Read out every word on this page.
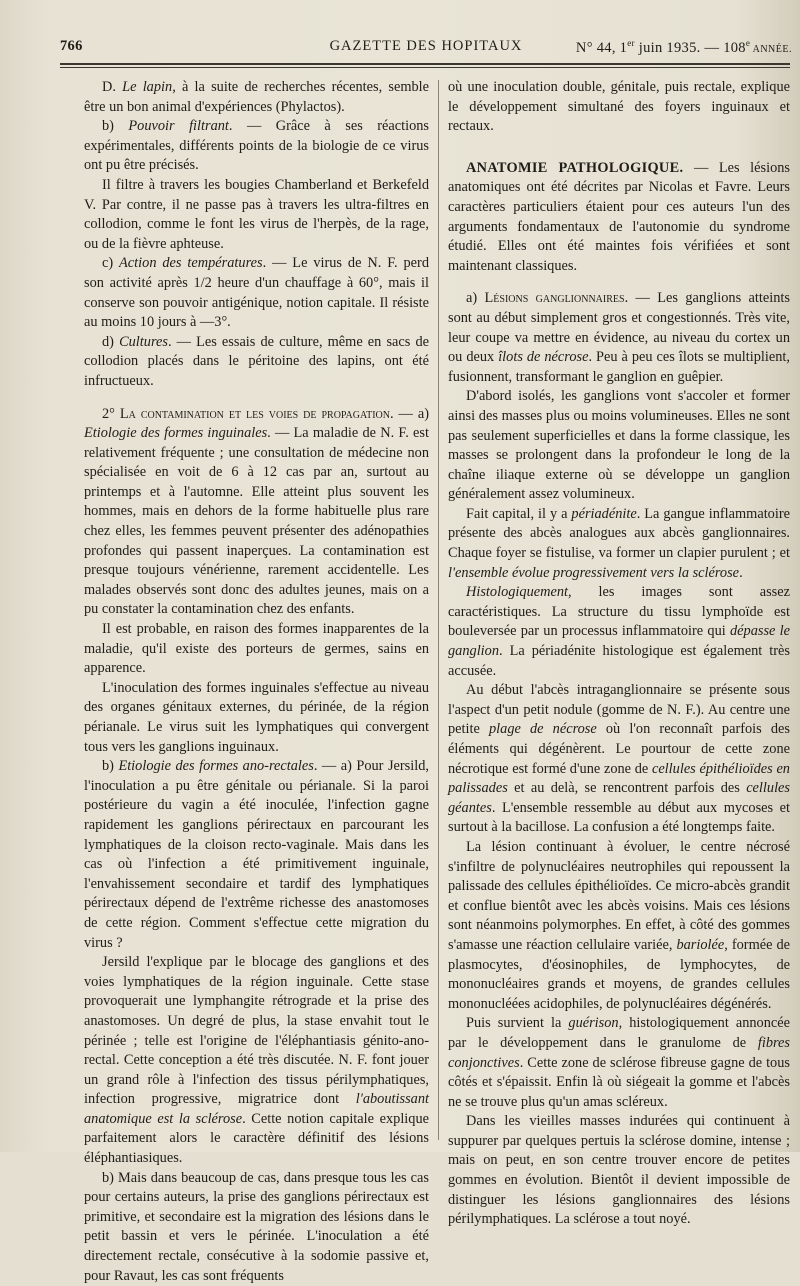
766	GAZETTE DES HOPITAUX	N° 44, 1er juin 1935. — 108e ANNÉE.

D. Le lapin, à la suite de recherches récentes, semble être un bon animal d'expériences (Phylactos).

b) Pouvoir filtrant. — Grâce à ses réactions expérimentales, différents points de la biologie de ce virus ont pu être précisés.

Il filtre à travers les bougies Chamberland et Berkefeld V. Par contre, il ne passe pas à travers les ultra-filtres en collodion, comme le font les virus de l'herpès, de la rage, ou de la fièvre aphteuse.

c) Action des températures. — Le virus de N. F. perd son activité après 1/2 heure d'un chauffage à 60°, mais il conserve son pouvoir antigénique, notion capitale. Il résiste au moins 10 jours à —3°.

d) Cultures. — Les essais de culture, même en sacs de collodion placés dans le péritoine des lapins, ont été infructueux.

2° La contamination et les voies de propagation. — a) Etiologie des formes inguinales. — La maladie de N. F. est relativement fréquente ; une consultation de médecine non spécialisée en voit de 6 à 12 cas par an, surtout au printemps et à l'automne. Elle atteint plus souvent les hommes, mais en dehors de la forme habituelle plus rare chez elles, les femmes peuvent présenter des adénopathies profondes qui passent inaperçues. La contamination est presque toujours vénérienne, rarement accidentelle. Les malades observés sont donc des adultes jeunes, mais on a pu constater la contamination chez des enfants.

Il est probable, en raison des formes inapparentes de la maladie, qu'il existe des porteurs de germes, sains en apparence.

L'inoculation des formes inguinales s'effectue au niveau des organes génitaux externes, du périnée, de la région périanale. Le virus suit les lymphatiques qui convergent tous vers les ganglions inguinaux.

b) Etiologie des formes ano-rectales. — a) Pour Jersild, l'inoculation a pu être génitale ou périanale. Si la paroi postérieure du vagin a été inoculée, l'infection gagne rapidement les ganglions périrectaux en parcourant les lymphatiques de la cloison recto-vaginale. Mais dans les cas où l'infection a été primitivement inguinale, l'envahissement secondaire et tardif des lymphatiques périrectaux dépend de l'extrême richesse des anastomoses de cette région. Comment s'effectue cette migration du virus ?

Jersild l'explique par le blocage des ganglions et des voies lymphatiques de la région inguinale. Cette stase provoquerait une lymphangite rétrograde et la prise des anastomoses. Un degré de plus, la stase envahit tout le périnée ; telle est l'origine de l'éléphantiasis génito-ano-rectal. Cette conception a été très discutée. N. F. font jouer un grand rôle à l'infection des tissus périlymphatiques, infection progressive, migratrice dont l'aboutissant anatomique est la sclérose. Cette notion capitale explique parfaitement alors le caractère définitif des lésions éléphantiasiques.

b) Mais dans beaucoup de cas, dans presque tous les cas pour certains auteurs, la prise des ganglions périrectaux est primitive, et secondaire est la migration des lésions dans le petit bassin et vers le périnée. L'inoculation a été directement rectale, consécutive à la sodomie passive et, pour Ravaut, les cas sont fréquents

où une inoculation double, génitale, puis rectale, explique le développement simultané des foyers inguinaux et rectaux.

ANATOMIE PATHOLOGIQUE. — Les lésions anatomiques ont été décrites par Nicolas et Favre. Leurs caractères particuliers étaient pour ces auteurs l'un des arguments fondamentaux de l'autonomie du syndrome étudié. Elles ont été maintes fois vérifiées et sont maintenant classiques.

a) Lésions ganglionnaires. — Les ganglions atteints sont au début simplement gros et congestionnés. Très vite, leur coupe va mettre en évidence, au niveau du cortex un ou deux îlots de nécrose. Peu à peu ces îlots se multiplient, fusionnent, transformant le ganglion en guêpier.

D'abord isolés, les ganglions vont s'accoler et former ainsi des masses plus ou moins volumineuses. Elles ne sont pas seulement superficielles et dans la forme classique, les masses se prolongent dans la profondeur le long de la chaîne iliaque externe où se développe un ganglion généralement assez volumineux.

Fait capital, il y a périadénite. La gangue inflammatoire présente des abcès analogues aux abcès ganglionnaires. Chaque foyer se fistulise, va former un clapier purulent ; et l'ensemble évolue progressivement vers la sclérose.

Histologiquement, les images sont assez caractéristiques. La structure du tissu lymphoïde est bouleversée par un processus inflammatoire qui dépasse le ganglion. La périadénite histologique est également très accusée.

Au début l'abcès intraganglionnaire se présente sous l'aspect d'un petit nodule (gomme de N. F.). Au centre une petite plage de nécrose où l'on reconnaît parfois des éléments qui dégénèrent. Le pourtour de cette zone nécrotique est formé d'une zone de cellules épithélioïdes en palissades et au delà, se rencontrent parfois des cellules géantes. L'ensemble ressemble au début aux mycoses et surtout à la bacillose. La confusion a été longtemps faite.

La lésion continuant à évoluer, le centre nécrosé s'infiltre de polynucléaires neutrophiles qui repoussent la palissade des cellules épithélioïdes. Ce micro-abcès grandit et conflue bientôt avec les abcès voisins. Mais ces lésions sont néanmoins polymorphes. En effet, à côté des gommes s'amasse une réaction cellulaire variée, bariolée, formée de plasmocytes, d'éosinophiles, de lymphocytes, de mononucléaires grands et moyens, de grandes cellules mononucléées acidophiles, de polynucléaires dégénérés.

Puis survient la guérison, histologiquement annoncée par le développement dans le granulome de fibres conjonctives. Cette zone de sclérose fibreuse gagne de tous côtés et s'épaissit. Enfin là où siégeait la gomme et l'abcès ne se trouve plus qu'un amas scléreux.

Dans les vieilles masses indurées qui continuent à suppurer par quelques pertuis la sclérose domine, intense ; mais on peut, en son centre trouver encore de petites gommes en évolution. Bientôt il devient impossible de distinguer les lésions ganglionnaires des lésions périlymphatiques. La sclérose a tout noyé.
